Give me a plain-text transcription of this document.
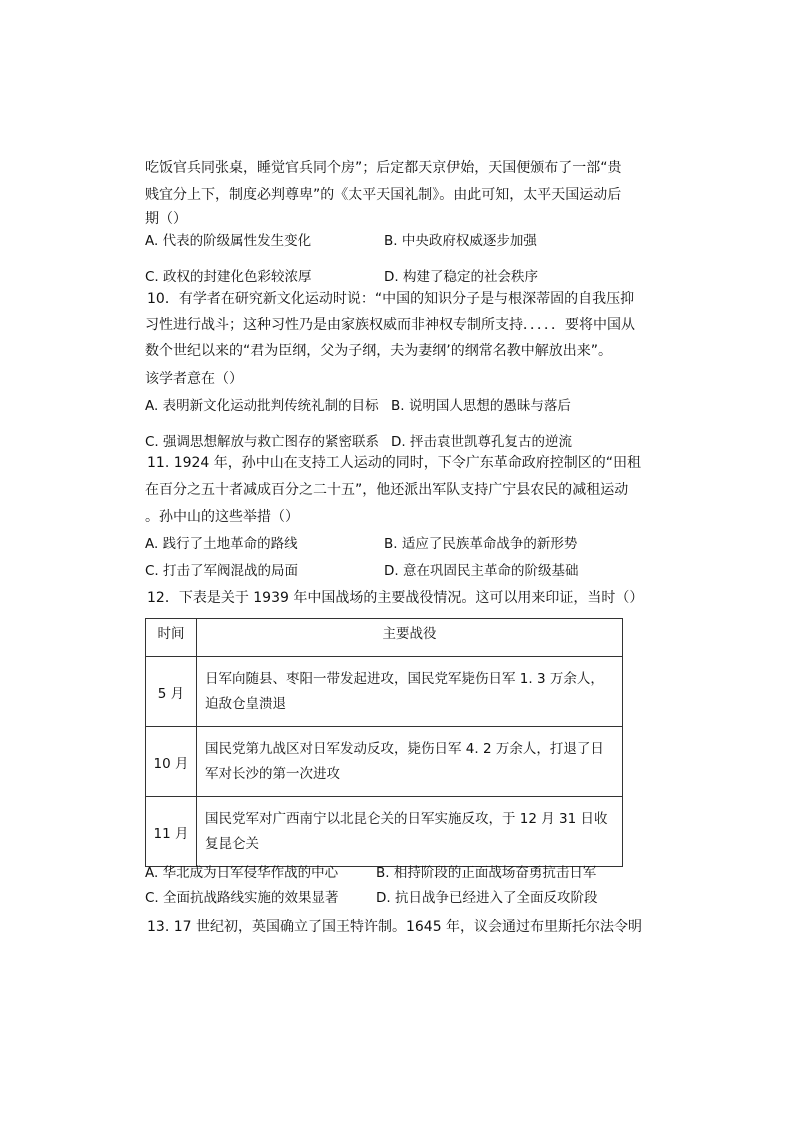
吃饭官兵同张桌，睡觉官兵同个房”；后定都天京伊始，天国便颁布了一部“贵
贱宜分上下，制度必判尊卑”的《太平天国礼制》。由此可知，太平天国运动后
期（）
A. 代表的阶级属性发生变化	B. 中央政府权威逐步加强
C. 政权的封建化色彩较浓厚	D. 构建了稳定的社会秩序
10．有学者在研究新文化运动时说：“中国的知识分子是与根深蒂固的自我压抑
习性进行战斗；这种习性乃是由家族权威而非神权专制所支持．．．．．要将中国从
数个世纪以来的“君为臣纲，父为子纲，夫为妻纲’的纲常名教中解放出来”。
该学者意在（）
A. 表明新文化运动批判传统礼制的目标 B. 说明国人思想的愚昧与落后
C. 强调思想解放与救亡图存的紧密联系 D. 抨击袁世凯尊孔复古的逆流
11. 1924 年，孙中山在支持工人运动的同时，下令广东革命政府控制区的“田租
在百分之五十者减成百分之二十五”，他还派出军队支持广宁县农民的减租运动
。孙中山的这些举措（）
A. 践行了土地革命的路线	B. 适应了民族革命战争的新形势
C. 打击了军阀混战的局面	D. 意在巩固民主革命的阶级基础
12．下表是关于 1939 年中国战场的主要战役情况。这可以用来印证，当时（）
时间	主要战役
5 月	日军向随县、枣阳一带发起进攻，国民党军毙伤日军 1. 3 万余人，迫敌仓皇溃退

10 月	国民党第九战区对日军发动反攻，毙伤日军 4. 2 万余人，打退了日军对长沙的第一次进攻

11 月	国民党军对广西南宁以北昆仑关的日军实施反攻，于 12 月 31 日收复昆仑关
A. 华北成为日军侵华作战的中心	B. 相持阶段的正面战场奋勇抗击日军
C. 全面抗战路线实施的效果显著	D. 抗日战争已经进入了全面反攻阶段
13. 17 世纪初，英国确立了国王特许制。1645 年，议会通过布里斯托尔法令明
